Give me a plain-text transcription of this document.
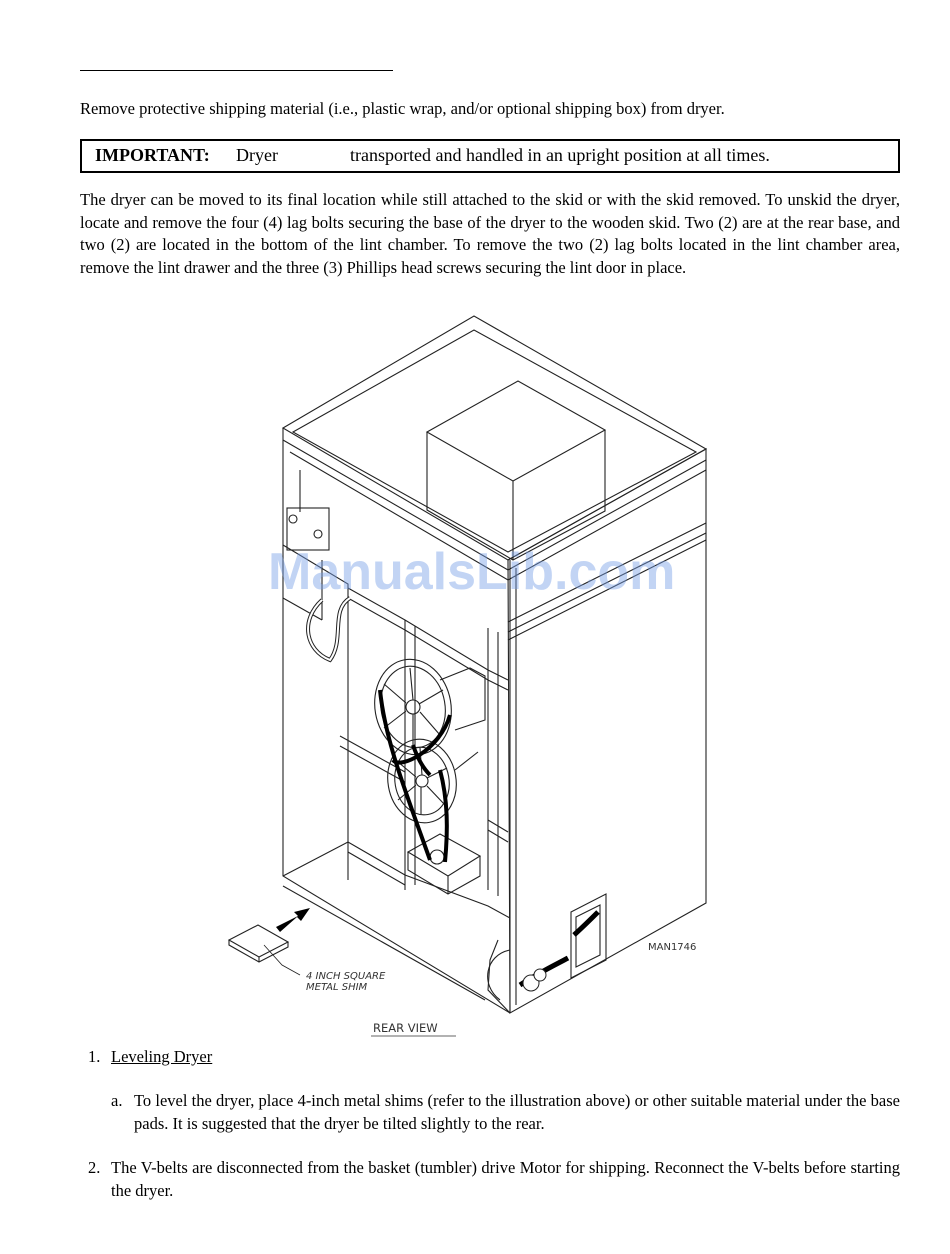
Remove protective shipping material (i.e., plastic wrap, and/or optional shipping box) from dryer.

IMPORTANT: Dryer	transported and handled in an upright position at all times.

The dryer can be moved to its final location while still attached to the skid or with the skid removed. To unskid the dryer, locate and remove the four (4) lag bolts securing the base of the dryer to the wooden skid. Two (2) are at the rear base, and two (2) are located in the bottom of the lint chamber. To remove the two (2) lag bolts located in the lint chamber area, remove the lint drawer and the three (3) Phillips head screws securing the lint door in place.

4 INCH SQUARE
METAL SHIM
MAN1746
REAR VIEW
ManualsLib.com
1. Leveling Dryer
a. To level the dryer, place 4-inch metal shims (refer to the illustration above) or other suitable material under the base pads. It is suggested that the dryer be tilted slightly to the rear.
2. The V-belts are disconnected from the basket (tumbler) drive Motor for shipping. Reconnect the V-belts before starting the dryer.
